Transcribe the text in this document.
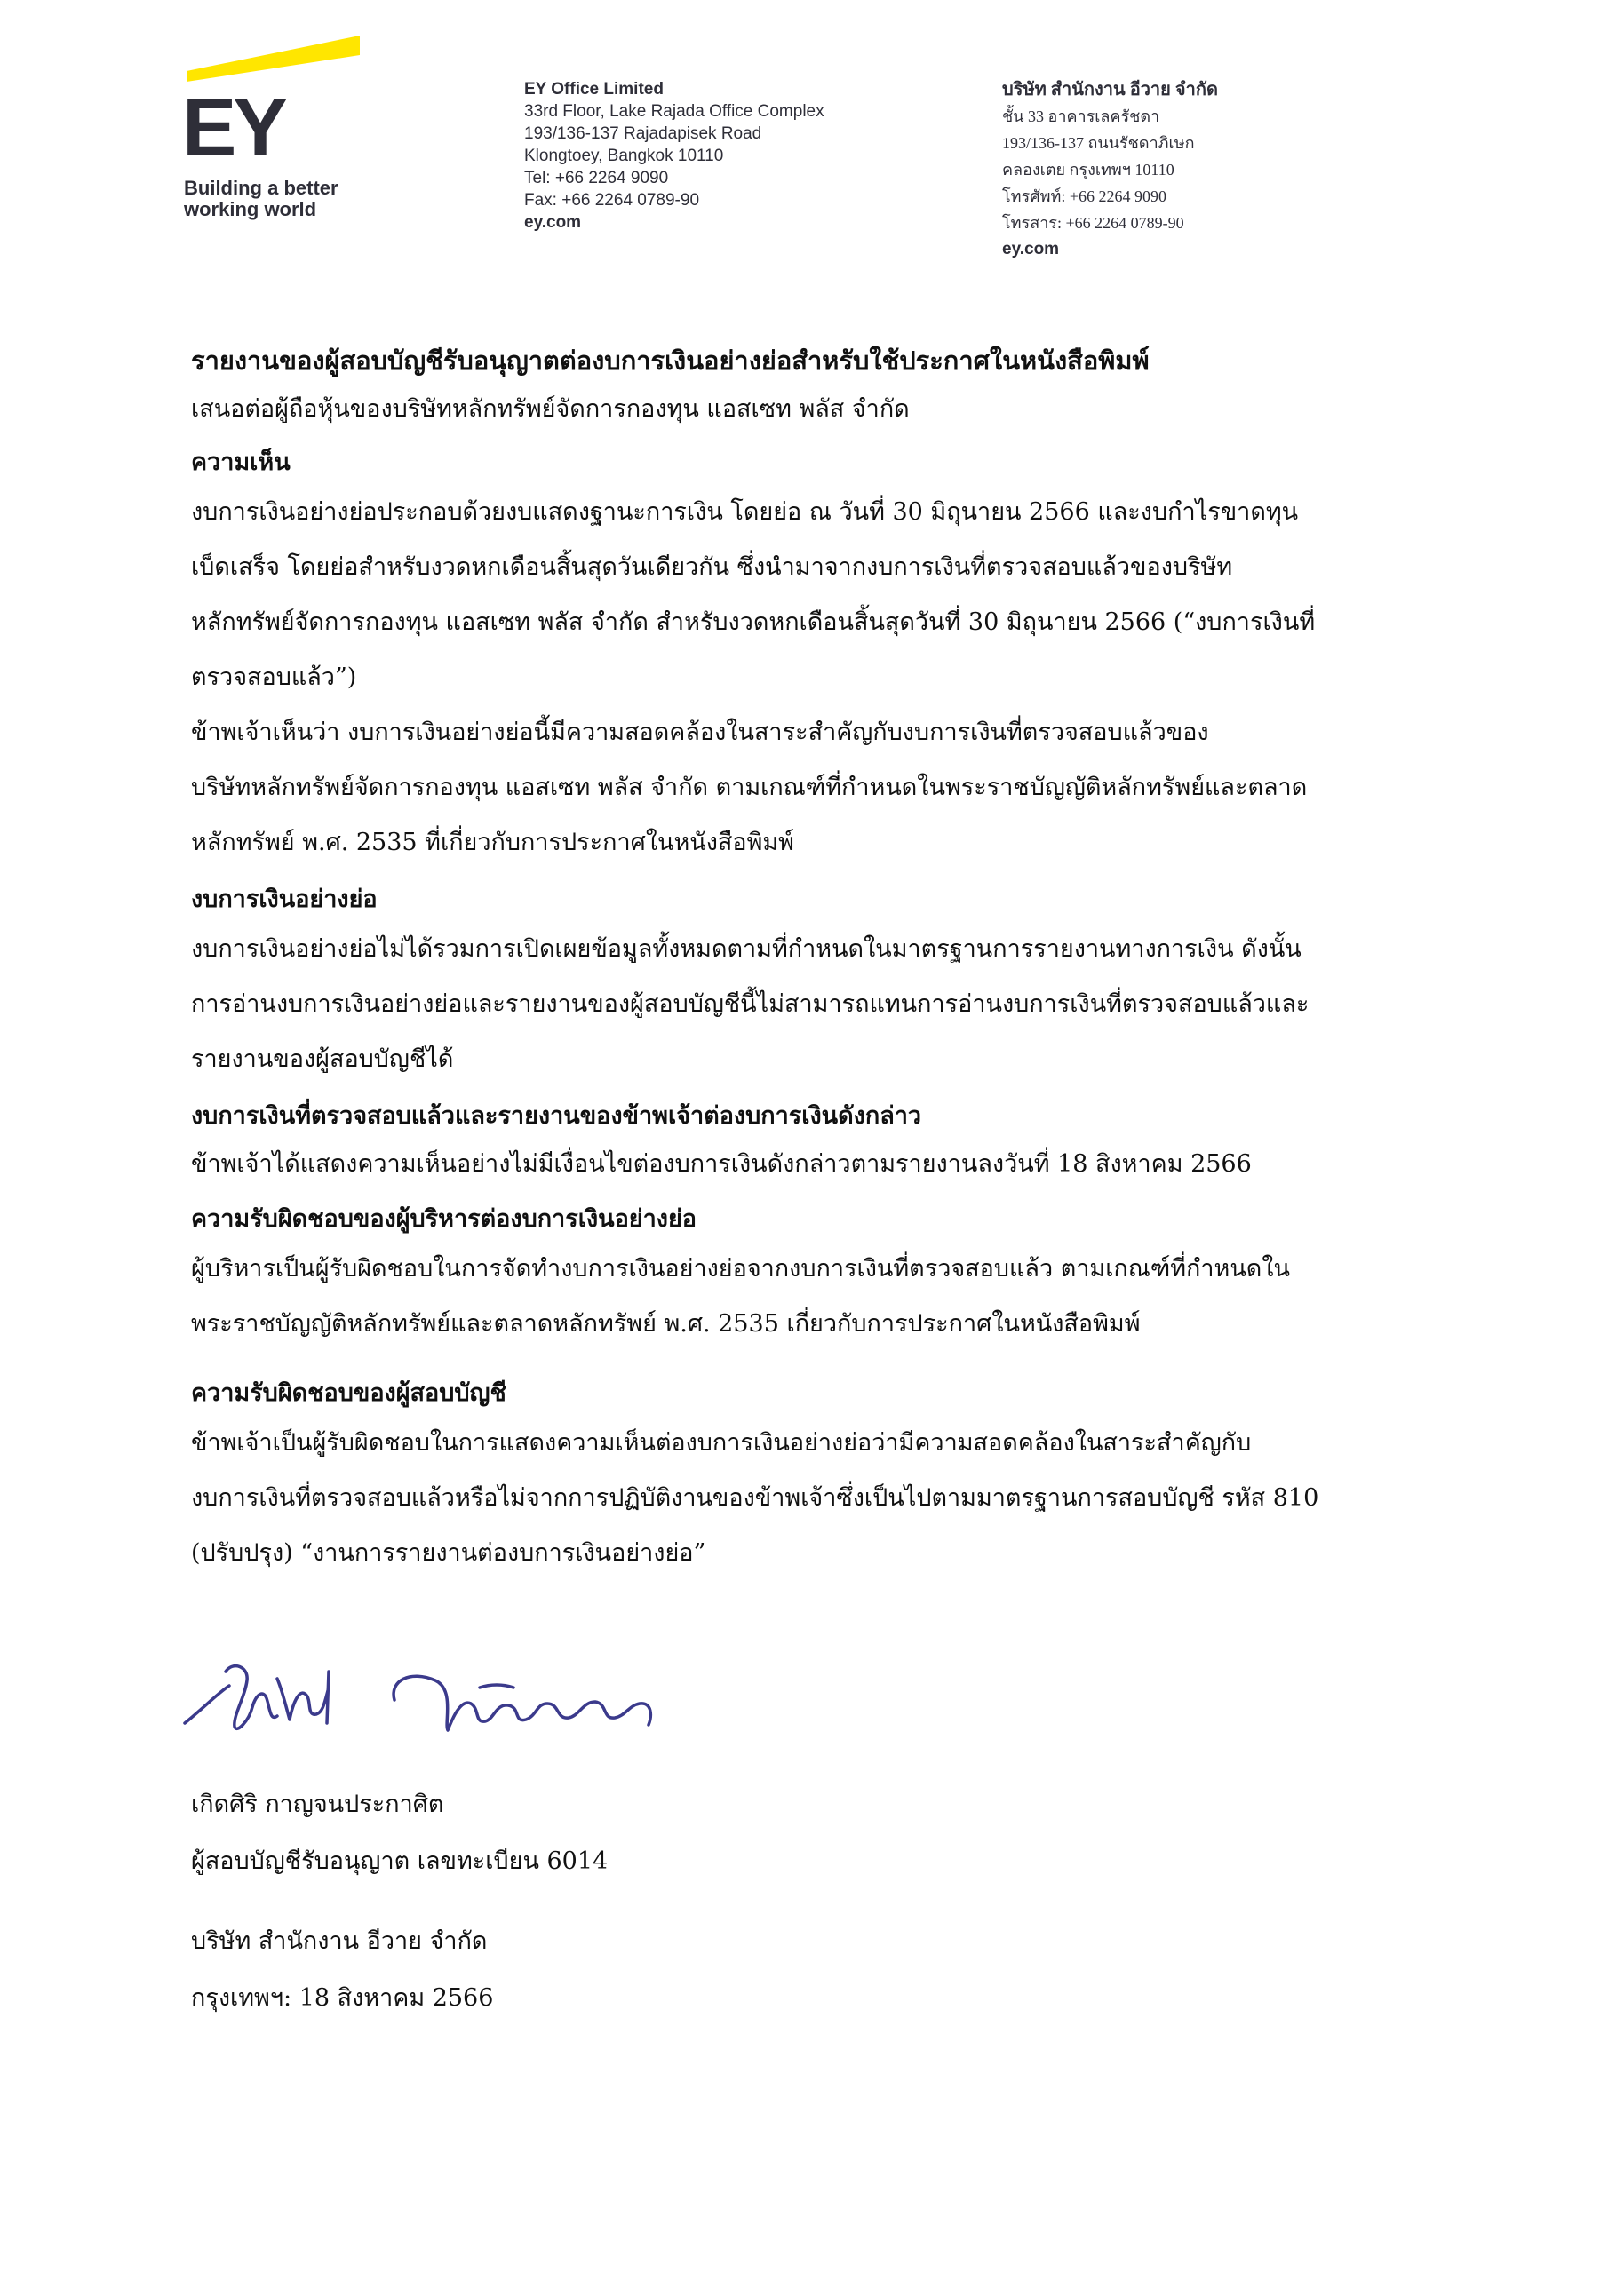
EY
Building a better
working world
EY Office Limited
33rd Floor, Lake Rajada Office Complex
193/136-137 Rajadapisek Road
Klongtoey, Bangkok 10110
Tel: +66 2264 9090
Fax: +66 2264 0789-90
ey.com
บริษัท สำนักงาน อีวาย จำกัด
ชั้น 33 อาคารเลครัชดา
193/136-137 ถนนรัชดาภิเษก
คลองเตย กรุงเทพฯ 10110
โทรศัพท์: +66 2264 9090
โทรสาร: +66 2264 0789-90
ey.com
รายงานของผู้สอบบัญชีรับอนุญาตต่องบการเงินอย่างย่อสำหรับใช้ประกาศในหนังสือพิมพ์
เสนอต่อผู้ถือหุ้นของบริษัทหลักทรัพย์จัดการกองทุน แอสเซท พลัส จำกัด
ความเห็น
งบการเงินอย่างย่อประกอบด้วยงบแสดงฐานะการเงิน โดยย่อ ณ วันที่ 30 มิถุนายน 2566 และงบกำไรขาดทุน
เบ็ดเสร็จ โดยย่อสำหรับงวดหกเดือนสิ้นสุดวันเดียวกัน ซึ่งนำมาจากงบการเงินที่ตรวจสอบแล้วของบริษัท
หลักทรัพย์จัดการกองทุน แอสเซท พลัส จำกัด สำหรับงวดหกเดือนสิ้นสุดวันที่ 30 มิถุนายน 2566 (“งบการเงินที่
ตรวจสอบแล้ว”)
ข้าพเจ้าเห็นว่า งบการเงินอย่างย่อนี้มีความสอดคล้องในสาระสำคัญกับงบการเงินที่ตรวจสอบแล้วของ
บริษัทหลักทรัพย์จัดการกองทุน แอสเซท พลัส จำกัด ตามเกณฑ์ที่กำหนดในพระราชบัญญัติหลักทรัพย์และตลาด
หลักทรัพย์ พ.ศ. 2535 ที่เกี่ยวกับการประกาศในหนังสือพิมพ์
งบการเงินอย่างย่อ
งบการเงินอย่างย่อไม่ได้รวมการเปิดเผยข้อมูลทั้งหมดตามที่กำหนดในมาตรฐานการรายงานทางการเงิน ดังนั้น
การอ่านงบการเงินอย่างย่อและรายงานของผู้สอบบัญชีนี้ไม่สามารถแทนการอ่านงบการเงินที่ตรวจสอบแล้วและ
รายงานของผู้สอบบัญชีได้
งบการเงินที่ตรวจสอบแล้วและรายงานของข้าพเจ้าต่องบการเงินดังกล่าว
ข้าพเจ้าได้แสดงความเห็นอย่างไม่มีเงื่อนไขต่องบการเงินดังกล่าวตามรายงานลงวันที่ 18 สิงหาคม 2566
ความรับผิดชอบของผู้บริหารต่องบการเงินอย่างย่อ
ผู้บริหารเป็นผู้รับผิดชอบในการจัดทำงบการเงินอย่างย่อจากงบการเงินที่ตรวจสอบแล้ว ตามเกณฑ์ที่กำหนดใน
พระราชบัญญัติหลักทรัพย์และตลาดหลักทรัพย์ พ.ศ. 2535 เกี่ยวกับการประกาศในหนังสือพิมพ์
ความรับผิดชอบของผู้สอบบัญชี
ข้าพเจ้าเป็นผู้รับผิดชอบในการแสดงความเห็นต่องบการเงินอย่างย่อว่ามีความสอดคล้องในสาระสำคัญกับ
งบการเงินที่ตรวจสอบแล้วหรือไม่จากการปฏิบัติงานของข้าพเจ้าซึ่งเป็นไปตามมาตรฐานการสอบบัญชี รหัส 810
(ปรับปรุง) “งานการรายงานต่องบการเงินอย่างย่อ”
เกิดศิริ กาญจนประกาศิต
ผู้สอบบัญชีรับอนุญาต เลขทะเบียน 6014
บริษัท สำนักงาน อีวาย จำกัด
กรุงเทพฯ: 18 สิงหาคม 2566
